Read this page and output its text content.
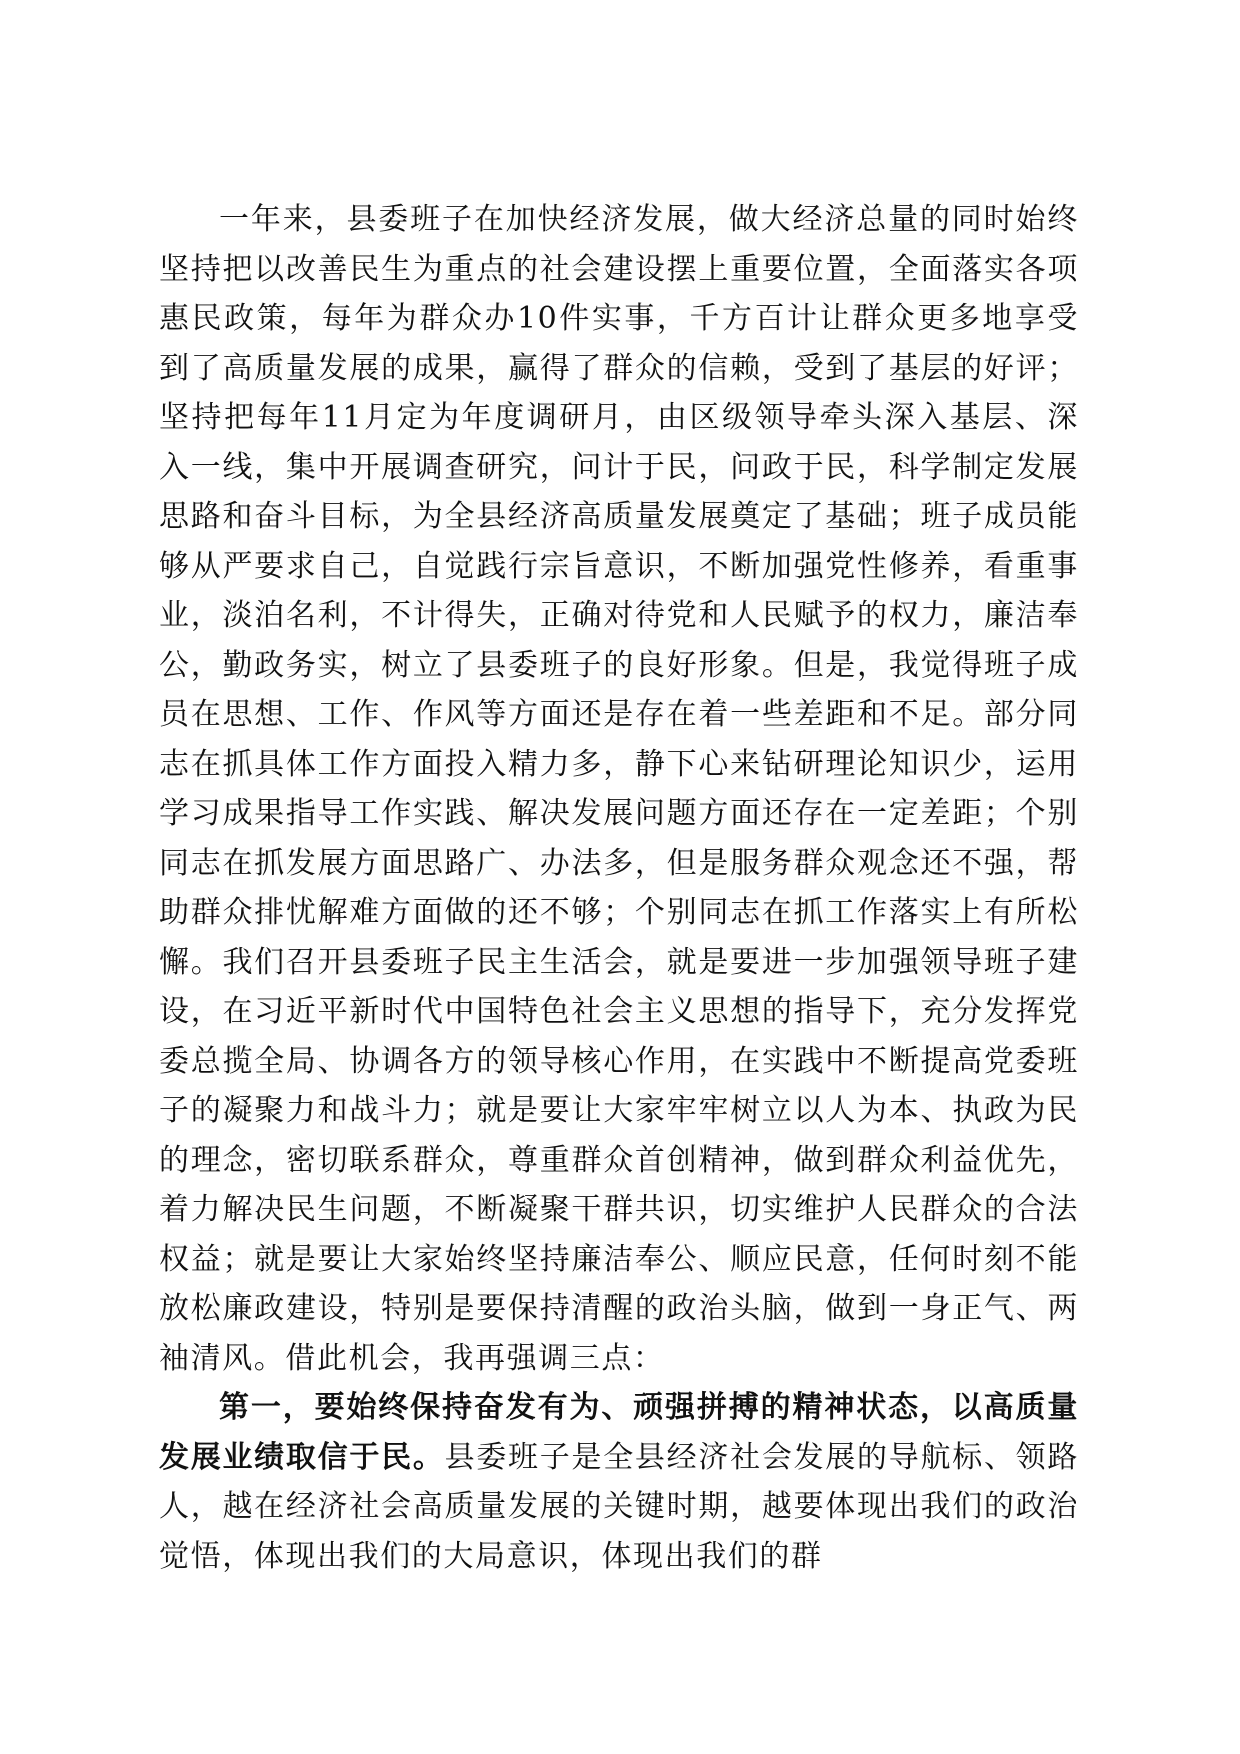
一年来，县委班子在加快经济发展，做大经济总量的同时始终坚持把以改善民生为重点的社会建设摆上重要位置，全面落实各项惠民政策，每年为群众办10件实事，千方百计让群众更多地享受到了高质量发展的成果，赢得了群众的信赖，受到了基层的好评；坚持把每年11月定为年度调研月，由区级领导牵头深入基层、深入一线，集中开展调查研究，问计于民，问政于民，科学制定发展思路和奋斗目标，为全县经济高质量发展奠定了基础；班子成员能够从严要求自己，自觉践行宗旨意识，不断加强党性修养，看重事业，淡泊名利，不计得失，正确对待党和人民赋予的权力，廉洁奉公，勤政务实，树立了县委班子的良好形象。但是，我觉得班子成员在思想、工作、作风等方面还是存在着一些差距和不足。部分同志在抓具体工作方面投入精力多，静下心来钻研理论知识少，运用学习成果指导工作实践、解决发展问题方面还存在一定差距；个别同志在抓发展方面思路广、办法多，但是服务群众观念还不强，帮助群众排忧解难方面做的还不够；个别同志在抓工作落实上有所松懈。我们召开县委班子民主生活会，就是要进一步加强领导班子建设，在习近平新时代中国特色社会主义思想的指导下，充分发挥党委总揽全局、协调各方的领导核心作用，在实践中不断提高党委班子的凝聚力和战斗力；就是要让大家牢牢树立以人为本、执政为民的理念，密切联系群众，尊重群众首创精神，做到群众利益优先，着力解决民生问题，不断凝聚干群共识，切实维护人民群众的合法权益；就是要让大家始终坚持廉洁奉公、顺应民意，任何时刻不能放松廉政建设，特别是要保持清醒的政治头脑，做到一身正气、两袖清风。借此机会，我再强调三点：

第一，要始终保持奋发有为、顽强拼搏的精神状态，以高质量发展业绩取信于民。县委班子是全县经济社会发展的导航标、领路人，越在经济社会高质量发展的关键时期，越要体现出我们的政治觉悟，体现出我们的大局意识，体现出我们的群
